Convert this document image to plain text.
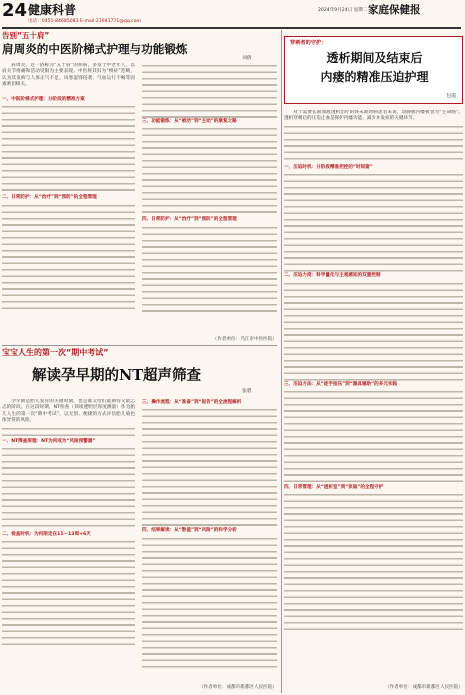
24 健康科普
电话：0451-84685083 E-mail:21941771@qq.com
2024年9月24日 星期二 家庭保健报
告别“五十肩”
肩周炎的中医阶梯式护理与功能锻炼
刘倩

肩周炎，这一俗称为“五十肩”的疾病，多发于中老年人，以肩关节疼痛和活动受限为主要表现。中医将其归为“痹症”范畴，认为其发病与人体正气不足、风寒湿邪侵袭、气血运行不畅等因素密切相关。

一、中医阶梯式护理：分阶段的精准方案
二、日常防护：从“治疗”到“预防”的全程管理
三、功能锻炼：从“被动”到“主动”的康复之路
四、日常防护：从“治疗”到“预防”的全程管理
（作者单位：乌江市中医医院）
宝宝人生的第一次“期中考试”
解读孕早期的NT超声筛查
张碧

孕早期是胎儿发育的关键时期，也是准父母们最期待又最忐忑的阶段。在这段时期，NT检查（颈项透明层厚度测量）作为胎儿人生的第一次“期中考试”，以无创、便捷的方式评估胎儿染色体异常的风险。

一、NT筛查原理：NT为何成为“风险预警器”
二、检查时机：为何限定在11～13周+6天
三、操作流程：从“准备”到“报告”的全流程解析
四、结果解读：从“数值”到“风险”的科学分析
（作者单位：成都市新都区人民医院）
穿刺者的守护：
透析期间及结束后
内瘘的精准压迫护理
包霞

对于需要长期血液透析治疗的终末期肾病患者来说，动静脉内瘘被誉为“生命线”。透析穿刺后的压迫止血是保护内瘘功能、减少并发症的关键环节。

一、压迫时机：分阶段精准把控的“时间窗”
二、压迫力度：科学量化与主观感知的双重控制
三、压迫方法：从“徒手按压”到“器具辅助”的多元实践
四、日常管理：从“透析室”到“家庭”的全程守护
（作者单位：成都市新都区人民医院）
